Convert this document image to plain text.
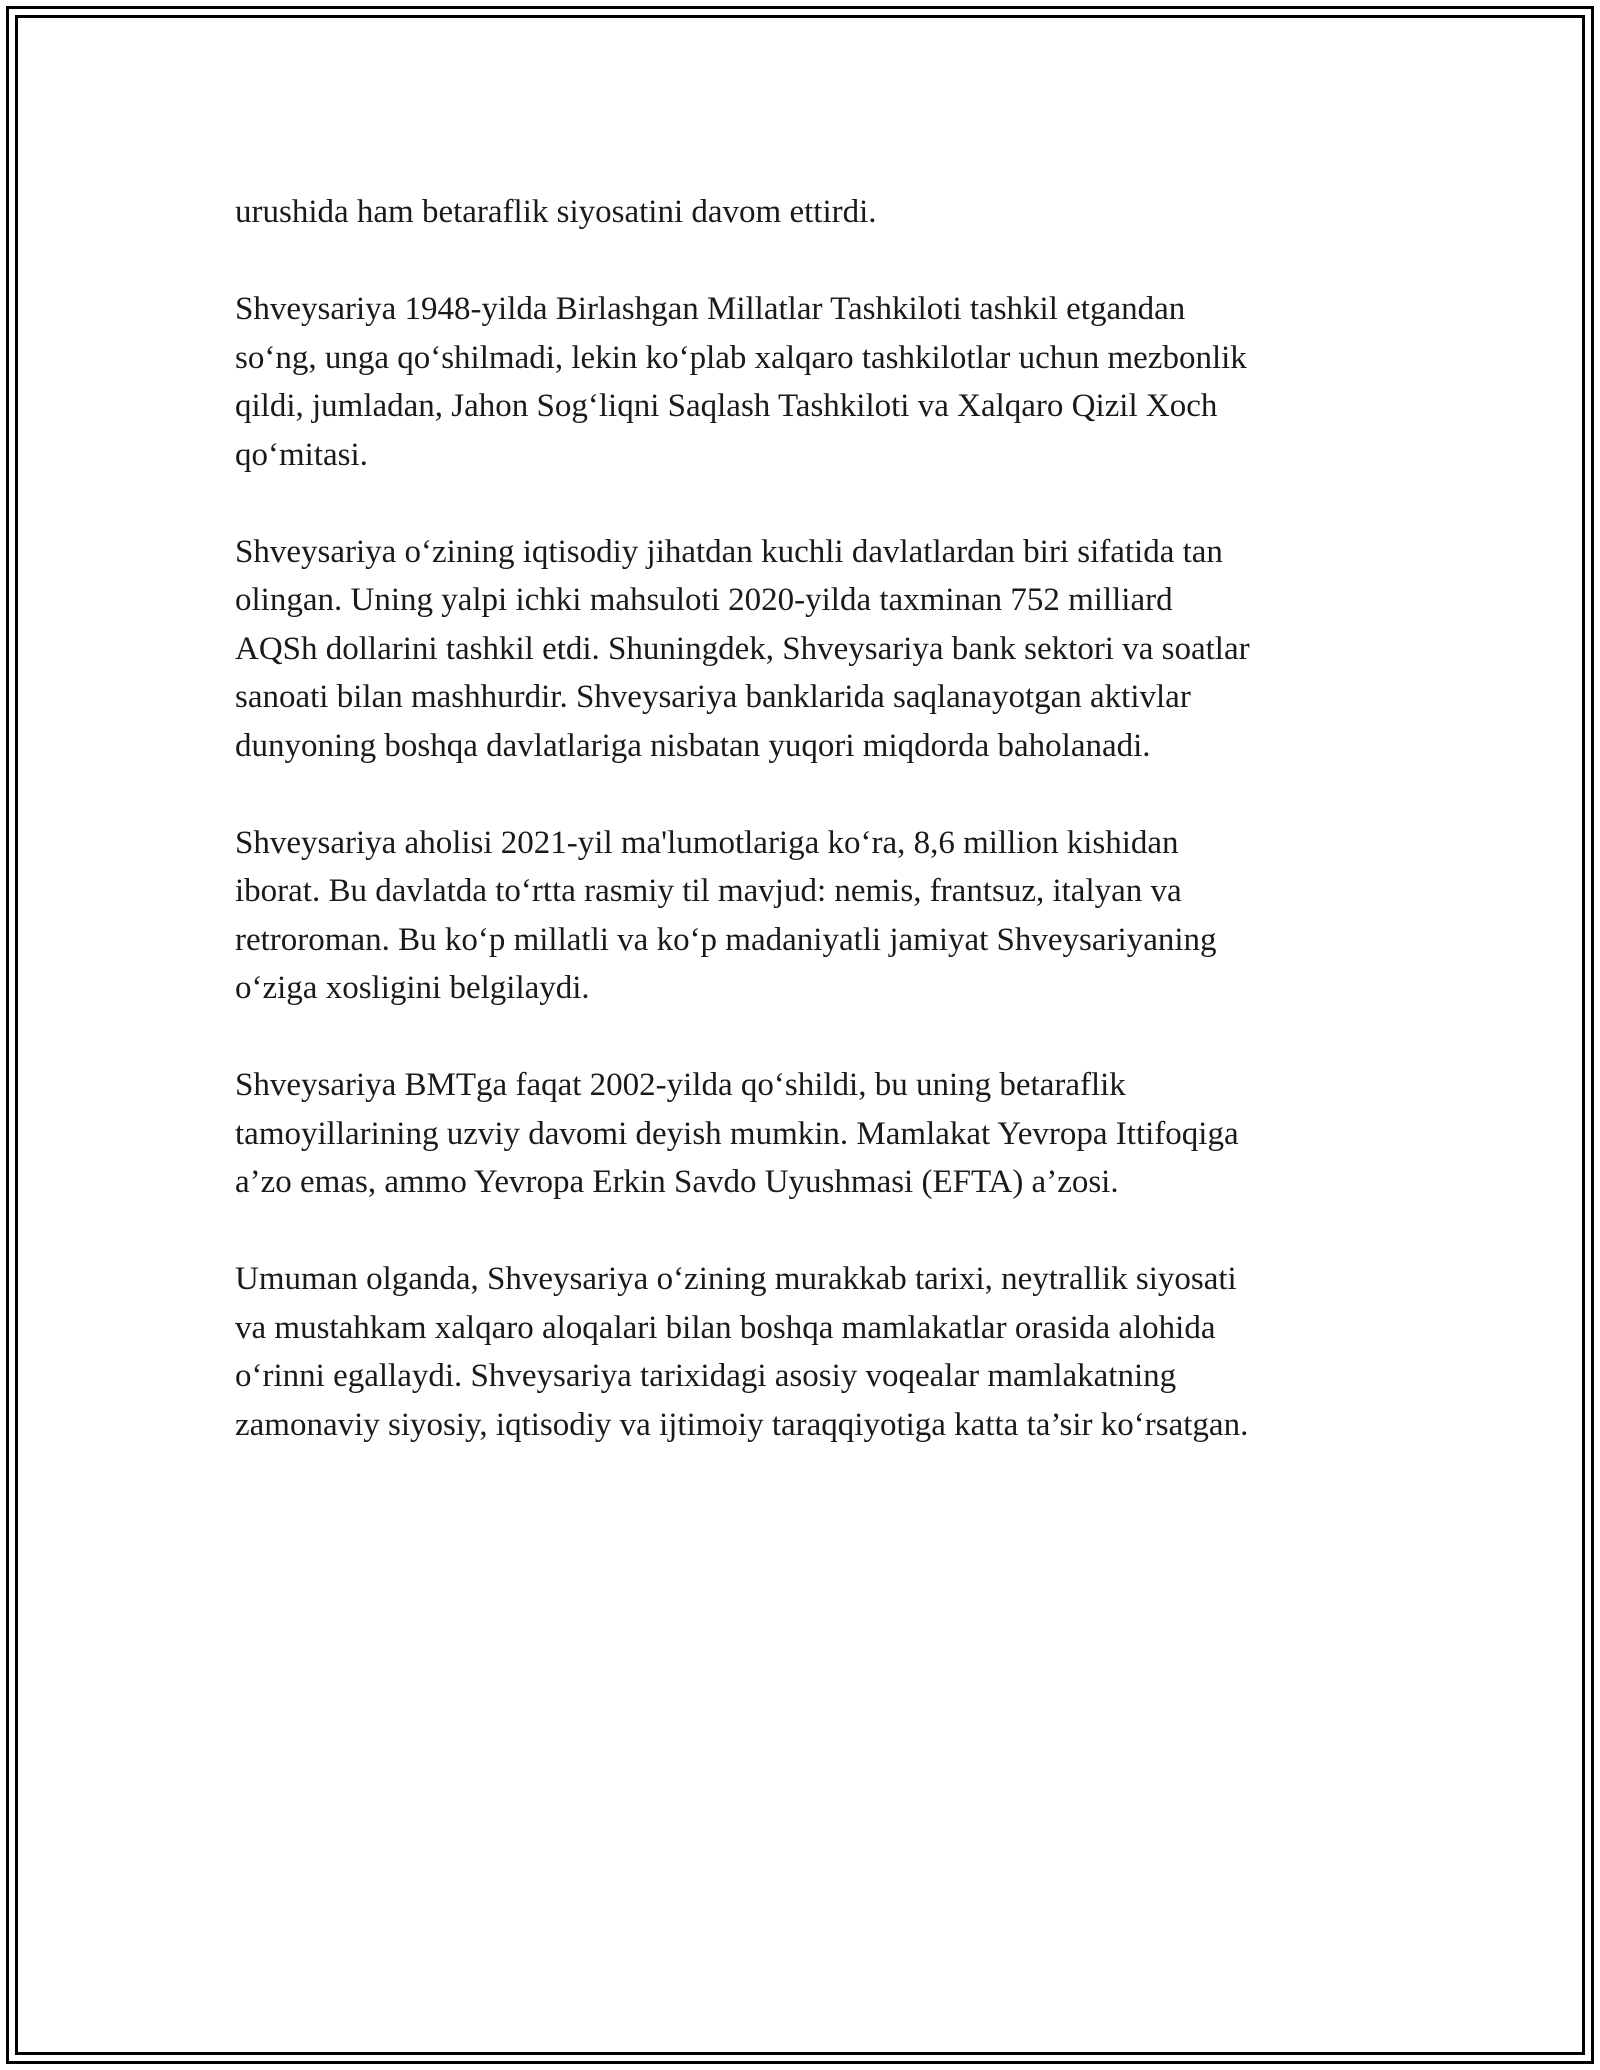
urushida ham betaraflik siyosatini davom ettirdi.

Shveysariya 1948-yilda Birlashgan Millatlar Tashkiloti tashkil etgandan
so‘ng, unga qo‘shilmadi, lekin ko‘plab xalqaro tashkilotlar uchun mezbonlik
qildi, jumladan, Jahon Sog‘liqni Saqlash Tashkiloti va Xalqaro Qizil Xoch
qo‘mitasi.

Shveysariya o‘zining iqtisodiy jihatdan kuchli davlatlardan biri sifatida tan
olingan. Uning yalpi ichki mahsuloti 2020-yilda taxminan 752 milliard
AQSh dollarini tashkil etdi. Shuningdek, Shveysariya bank sektori va soatlar
sanoati bilan mashhurdir. Shveysariya banklarida saqlanayotgan aktivlar
dunyoning boshqa davlatlariga nisbatan yuqori miqdorda baholanadi.

Shveysariya aholisi 2021-yil ma'lumotlariga ko‘ra, 8,6 million kishidan
iborat. Bu davlatda to‘rtta rasmiy til mavjud: nemis, frantsuz, italyan va
retroroman. Bu ko‘p millatli va ko‘p madaniyatli jamiyat Shveysariyaning
o‘ziga xosligini belgilaydi.

Shveysariya BMTga faqat 2002-yilda qo‘shildi, bu uning betaraflik
tamoyillarining uzviy davomi deyish mumkin. Mamlakat Yevropa Ittifoqiga
a’zo emas, ammo Yevropa Erkin Savdo Uyushmasi (EFTA) a’zosi.

Umuman olganda, Shveysariya o‘zining murakkab tarixi, neytrallik siyosati
va mustahkam xalqaro aloqalari bilan boshqa mamlakatlar orasida alohida
o‘rinni egallaydi. Shveysariya tarixidagi asosiy voqealar mamlakatning
zamonaviy siyosiy, iqtisodiy va ijtimoiy taraqqiyotiga katta ta’sir ko‘rsatgan.
